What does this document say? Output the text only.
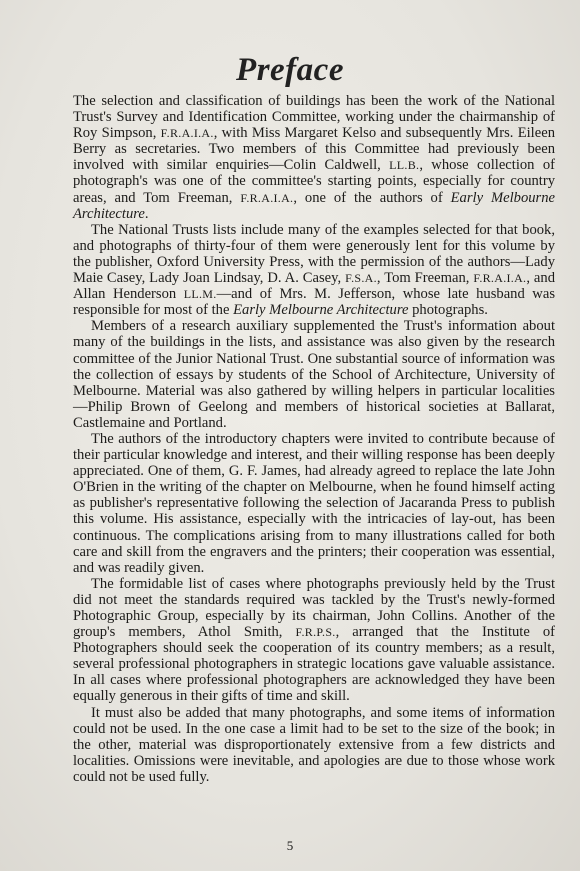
Preface

The selection and classification of buildings has been the work of the National Trust's Survey and Identification Committee, working under the chairmanship of Roy Simpson, F.R.A.I.A., with Miss Margaret Kelso and subsequently Mrs. Eileen Berry as secretaries. Two members of this Committee had previously been involved with similar enquiries—Colin Caldwell, LL.B., whose collection of photograph's was one of the committee's starting points, especially for country areas, and Tom Freeman, F.R.A.I.A., one of the authors of Early Melbourne Architecture.

The National Trusts lists include many of the examples selected for that book, and photographs of thirty-four of them were generously lent for this volume by the publisher, Oxford University Press, with the permission of the authors—Lady Maie Casey, Lady Joan Lindsay, D. A. Casey, F.S.A., Tom Freeman, F.R.A.I.A., and Allan Henderson LL.M.—and of Mrs. M. Jefferson, whose late husband was responsible for most of the Early Melbourne Architecture photographs.

Members of a research auxiliary supplemented the Trust's information about many of the buildings in the lists, and assistance was also given by the research committee of the Junior National Trust. One substantial source of information was the collection of essays by students of the School of Architecture, University of Melbourne. Material was also gathered by willing helpers in particular localities—Philip Brown of Geelong and members of historical societies at Ballarat, Castlemaine and Portland.

The authors of the introductory chapters were invited to contribute because of their particular knowledge and interest, and their willing response has been deeply appreciated. One of them, G. F. James, had already agreed to replace the late John O'Brien in the writing of the chapter on Melbourne, when he found himself acting as publisher's representative following the selection of Jacaranda Press to publish this volume. His assistance, especially with the intricacies of lay-out, has been continuous. The complications arising from to many illustrations called for both care and skill from the engravers and the printers; their cooperation was essential, and was readily given.

The formidable list of cases where photographs previously held by the Trust did not meet the standards required was tackled by the Trust's newly-formed Photographic Group, especially by its chairman, John Collins. Another of the group's members, Athol Smith, F.R.P.S., arranged that the Institute of Photographers should seek the cooperation of its country members; as a result, several professional photographers in strategic locations gave valuable assistance. In all cases where professional photographers are acknowledged they have been equally generous in their gifts of time and skill.

It must also be added that many photographs, and some items of information could not be used. In the one case a limit had to be set to the size of the book; in the other, material was disproportionately extensive from a few districts and localities. Omissions were inevitable, and apologies are due to those whose work could not be used fully.

5
